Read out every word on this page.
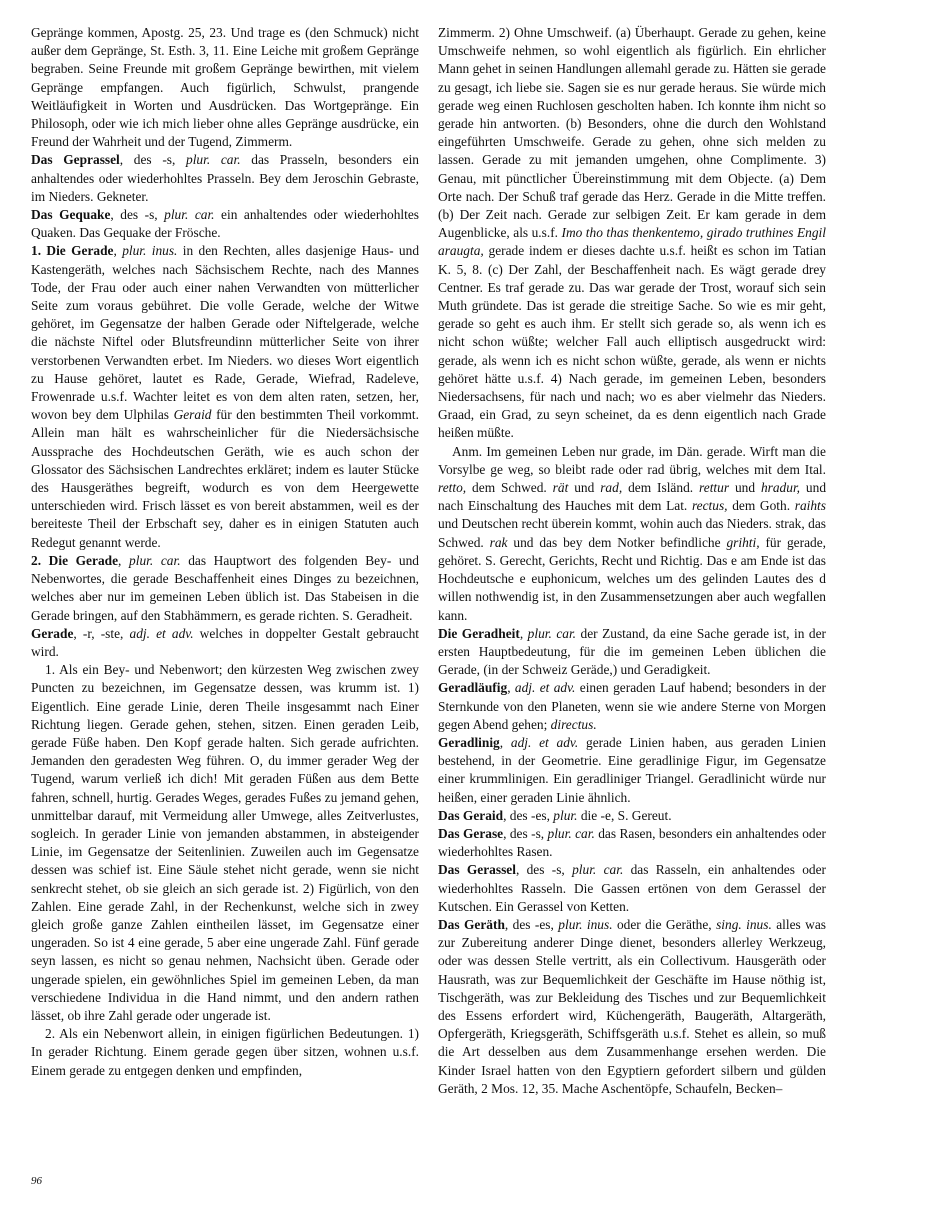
Gepränge kommen, Apostg. 25, 23. Und trage es (den Schmuck) nicht außer dem Gepränge, St. Esth. 3, 11. Eine Leiche mit großem Gepränge begraben. Seine Freunde mit großem Gepränge bewirthen, mit vielem Gepränge empfangen. Auch figürlich, Schwulst, prangende Weitläufigkeit in Worten und Ausdrücken. Das Wortgepränge. Ein Philosoph, oder wie ich mich lieber ohne alles Gepränge ausdrücke, ein Freund der Wahrheit und der Tugend, Zimmerm.

Das Geprassel, des -s, plur. car. das Prasseln, besonders ein anhaltendes oder wiederhohltes Prasseln. Bey dem Jeroschin Gebraste, im Nieders. Gekneter.

Das Gequake, des -s, plur. car. ein anhaltendes oder wiederhohltes Quaken. Das Gequake der Frösche.

1. Die Gerade, plur. inus. in den Rechten, alles dasjenige Haus- und Kastengeräth, welches nach Sächsischem Rechte, nach des Mannes Tode, der Frau oder auch einer nahen Verwandten von mütterlicher Seite zum voraus gebühret. Die volle Gerade, welche der Witwe gehöret, im Gegensatze der halben Gerade oder Niftelgerade, welche die nächste Niftel oder Blutsfreundinn mütterlicher Seite von ihrer verstorbenen Verwandten erbet. Im Nieders. wo dieses Wort eigentlich zu Hause gehöret, lautet es Rade, Gerade, Wiefrad, Radeleve, Frowenrade u.s.f. Wachter leitet es von dem alten raten, setzen, her, wovon bey dem Ulphilas Geraid für den bestimmten Theil vorkommt. Allein man hält es wahrscheinlicher für die Niedersächsische Aussprache des Hochdeutschen Geräth, wie es auch schon der Glossator des Sächsischen Landrechtes erkläret; indem es lauter Stücke des Hausgeräthes begreift, wodurch es von dem Heergewette unterschieden wird. Frisch lässet es von bereit abstammen, weil es der bereiteste Theil der Erbschaft sey, daher es in einigen Statuten auch Redegut genannt werde.

2. Die Gerade, plur. car. das Hauptwort des folgenden Bey- und Nebenwortes, die gerade Beschaffenheit eines Dinges zu bezeichnen, welches aber nur im gemeinen Leben üblich ist. Das Stabeisen in die Gerade bringen, auf den Stabhämmern, es gerade richten. S. Geradheit.

Gerade, -r, -ste, adj. et adv. welches in doppelter Gestalt gebraucht wird.

1. Als ein Bey- und Nebenwort; den kürzesten Weg zwischen zwey Puncten zu bezeichnen, im Gegensatze dessen, was krumm ist. 1) Eigentlich. Eine gerade Linie, deren Theile insgesammt nach Einer Richtung liegen. Gerade gehen, stehen, sitzen. Einen geraden Leib, gerade Füße haben. Den Kopf gerade halten. Sich gerade aufrichten. Jemanden den geradesten Weg führen. O, du immer gerader Weg der Tugend, warum verließ ich dich! Mit geraden Füßen aus dem Bette fahren, schnell, hurtig. Gerades Weges, gerades Fußes zu jemand gehen, unmittelbar darauf, mit Vermeidung aller Umwege, alles Zeitverlustes, sogleich. In gerader Linie von jemanden abstammen, in absteigender Linie, im Gegensatze der Seitenlinien. Zuweilen auch im Gegensatze dessen was schief ist. Eine Säule stehet nicht gerade, wenn sie nicht senkrecht stehet, ob sie gleich an sich gerade ist. 2) Figürlich, von den Zahlen. Eine gerade Zahl, in der Rechenkunst, welche sich in zwey gleich große ganze Zahlen eintheilen lässet, im Gegensatze einer ungeraden. So ist 4 eine gerade, 5 aber eine ungerade Zahl. Fünf gerade seyn lassen, es nicht so genau nehmen, Nachsicht üben. Gerade oder ungerade spielen, ein gewöhnliches Spiel im gemeinen Leben, da man verschiedene Individua in die Hand nimmt, und den andern rathen lässet, ob ihre Zahl gerade oder ungerade ist.

2. Als ein Nebenwort allein, in einigen figürlichen Bedeutungen. 1) In gerader Richtung. Einem gerade gegen über sitzen, wohnen u.s.f. Einem gerade zu entgegen denken und empfinden,

Zimmerm. 2) Ohne Umschweif. (a) Überhaupt. Gerade zu gehen, keine Umschweife nehmen, so wohl eigentlich als figürlich. Ein ehrlicher Mann gehet in seinen Handlungen allemahl gerade zu. Hätten sie gerade zu gesagt, ich liebe sie. Sagen sie es nur gerade heraus. Sie würde mich gerade weg einen Ruchlosen gescholten haben. Ich konnte ihm nicht so gerade hin antworten. (b) Besonders, ohne die durch den Wohlstand eingeführten Umschweife. Gerade zu gehen, ohne sich melden zu lassen. Gerade zu mit jemanden umgehen, ohne Complimente. 3) Genau, mit pünctlicher Übereinstimmung mit dem Objecte. (a) Dem Orte nach. Der Schuß traf gerade das Herz. Gerade in die Mitte treffen. (b) Der Zeit nach. Gerade zur selbigen Zeit. Er kam gerade in dem Augenblicke, als u.s.f. Imo tho thas thenkentemo, girado truthines Engil araugta, gerade indem er dieses dachte u.s.f. heißt es schon im Tatian K. 5, 8. (c) Der Zahl, der Beschaffenheit nach. Es wägt gerade drey Centner. Es traf gerade zu. Das war gerade der Trost, worauf sich sein Muth gründete. Das ist gerade die streitige Sache. So wie es mir geht, gerade so geht es auch ihm. Er stellt sich gerade so, als wenn ich es nicht schon wüßte; welcher Fall auch elliptisch ausgedruckt wird: gerade, als wenn ich es nicht schon wüßte, gerade, als wenn er nichts gehöret hätte u.s.f. 4) Nach gerade, im gemeinen Leben, besonders Niedersachsens, für nach und nach; wo es aber vielmehr das Nieders. Graad, ein Grad, zu seyn scheinet, da es denn eigentlich nach Grade heißen müßte.

Anm. Im gemeinen Leben nur grade, im Dän. gerade. Wirft man die Vorsylbe ge weg, so bleibt rade oder rad übrig, welches mit dem Ital. retto, dem Schwed. rät und rad, dem Isländ. rettur und hradur, und nach Einschaltung des Hauches mit dem Lat. rectus, dem Goth. raihts und Deutschen recht überein kommt, wohin auch das Nieders. strak, das Schwed. rak und das bey dem Notker befindliche grihti, für gerade, gehöret. S. Gerecht, Gerichts, Recht und Richtig. Das e am Ende ist das Hochdeutsche e euphonicum, welches um des gelinden Lautes des d willen nothwendig ist, in den Zusammensetzungen aber auch wegfallen kann.

Die Geradheit, plur. car. der Zustand, da eine Sache gerade ist, in der ersten Hauptbedeutung, für die im gemeinen Leben üblichen die Gerade, (in der Schweiz Geräde,) und Geradigkeit.

Geradläufig, adj. et adv. einen geraden Lauf habend; besonders in der Sternkunde von den Planeten, wenn sie wie andere Sterne von Morgen gegen Abend gehen; directus.

Geradlinig, adj. et adv. gerade Linien haben, aus geraden Linien bestehend, in der Geometrie. Eine geradlinige Figur, im Gegensatze einer krummlinigen. Ein geradliniger Triangel. Geradlinicht würde nur heißen, einer geraden Linie ähnlich.

Das Geraid, des -es, plur. die -e, S. Gereut.

Das Gerase, des -s, plur. car. das Rasen, besonders ein anhaltendes oder wiederhohltes Rasen.

Das Gerassel, des -s, plur. car. das Rasseln, ein anhaltendes oder wiederhohltes Rasseln. Die Gassen ertönen von dem Gerassel der Kutschen. Ein Gerassel von Ketten.

Das Geräth, des -es, plur. inus. oder die Geräthe, sing. inus. alles was zur Zubereitung anderer Dinge dienet, besonders allerley Werkzeug, oder was dessen Stelle vertritt, als ein Collectivum. Hausgeräth oder Hausrath, was zur Bequemlichkeit der Geschäfte im Hause nöthig ist, Tischgeräth, was zur Bekleidung des Tisches und zur Bequemlichkeit des Essens erfordert wird, Küchengeräth, Baugeräth, Altargeräth, Opfergeräth, Kriegsgeräth, Schiffsgeräth u.s.f. Stehet es allein, so muß die Art desselben aus dem Zusammenhange ersehen werden. Die Kinder Israel hatten von den Egyptiern gefordert silbern und gülden Geräth, 2 Mos. 12, 35. Mache Aschentöpfe, Schaufeln, Becken–

96
